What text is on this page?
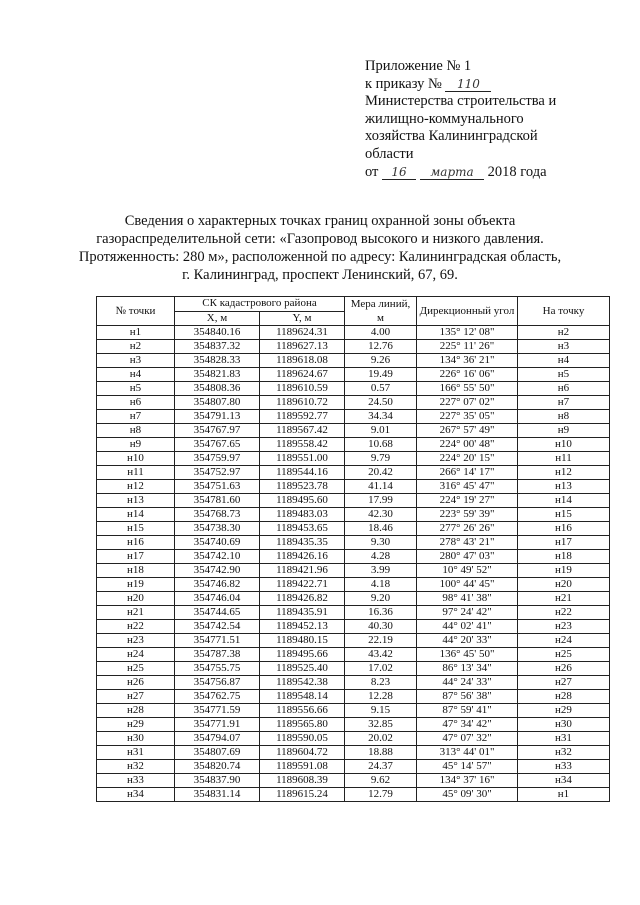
Приложение № 1
к приказу № 110
Министерства строительства и
жилищно-коммунального
хозяйства Калининградской
области
от 16 марта 2018 года
Сведения о характерных точках границ охранной зоны объекта
газораспределительной сети: «Газопровод высокого и низкого давления.
Протяженность: 280 м», расположенной по адресу: Калининградская область,
г. Калининград, проспект Ленинский, 67, 69.
№ точки	СК кадастрового района		Мера линий, м	Дирекционный угол	На точку
	X, м	Y, м			
н1	354840.16	1189624.31	4.00	135° 12' 08"	н2
н2	354837.32	1189627.13	12.76	225° 11' 26"	н3
н3	354828.33	1189618.08	9.26	134° 36' 21"	н4
н4	354821.83	1189624.67	19.49	226° 16' 06"	н5
н5	354808.36	1189610.59	0.57	166° 55' 50"	н6
н6	354807.80	1189610.72	24.50	227° 07' 02"	н7
н7	354791.13	1189592.77	34.34	227° 35' 05"	н8
н8	354767.97	1189567.42	9.01	267° 57' 49"	н9
н9	354767.65	1189558.42	10.68	224° 00' 48"	н10
н10	354759.97	1189551.00	9.79	224° 20' 15"	н11
н11	354752.97	1189544.16	20.42	266° 14' 17"	н12
н12	354751.63	1189523.78	41.14	316° 45' 47"	н13
н13	354781.60	1189495.60	17.99	224° 19' 27"	н14
н14	354768.73	1189483.03	42.30	223° 59' 39"	н15
н15	354738.30	1189453.65	18.46	277° 26' 26"	н16
н16	354740.69	1189435.35	9.30	278° 43' 21"	н17
н17	354742.10	1189426.16	4.28	280° 47' 03"	н18
н18	354742.90	1189421.96	3.99	10° 49' 52"	н19
н19	354746.82	1189422.71	4.18	100° 44' 45"	н20
н20	354746.04	1189426.82	9.20	98° 41' 38"	н21
н21	354744.65	1189435.91	16.36	97° 24' 42"	н22
н22	354742.54	1189452.13	40.30	44° 02' 41"	н23
н23	354771.51	1189480.15	22.19	44° 20' 33"	н24
н24	354787.38	1189495.66	43.42	136° 45' 50"	н25
н25	354755.75	1189525.40	17.02	86° 13' 34"	н26
н26	354756.87	1189542.38	8.23	44° 24' 33"	н27
н27	354762.75	1189548.14	12.28	87° 56' 38"	н28
н28	354771.59	1189556.66	9.15	87° 59' 41"	н29
н29	354771.91	1189565.80	32.85	47° 34' 42"	н30
н30	354794.07	1189590.05	20.02	47° 07' 32"	н31
н31	354807.69	1189604.72	18.88	313° 44' 01"	н32
н32	354820.74	1189591.08	24.37	45° 14' 57"	н33
н33	354837.90	1189608.39	9.62	134° 37' 16"	н34
н34	354831.14	1189615.24	12.79	45° 09' 30"	н1
